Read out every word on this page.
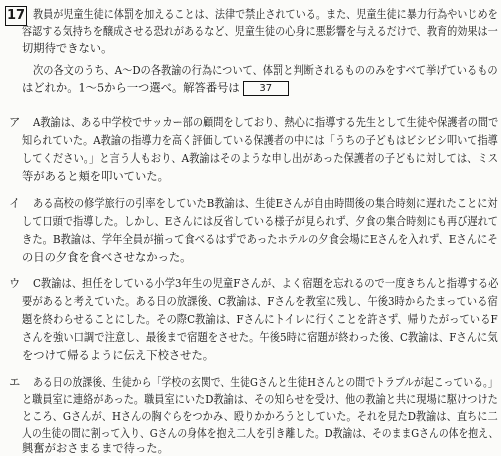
17 教員が児童生徒に体罰を加えることは、法律で禁止されている。また、児童生徒に暴力行為やいじめを
容認する気持ちを醸成させる恐れがあるなど、児童生徒の心身に悪影響を与えるだけで、教育的効果は一
切期待できない。
次の各文のうち、A～Dの各教諭の行為について、体罰と判断されるもののみをすべて挙げているもの
はどれか。1～5から一つ選べ。解答番号は 37
ア A教諭は、ある中学校でサッカー部の顧問をしており、熱心に指導する先生として生徒や保護者の間で
知られていた。A教諭の指導力を高く評価している保護者の中には「うちの子どもはビシビシ叩いて指導
してください。」と言う人もおり、A教諭はそのような申し出があった保護者の子どもに対しては、ミス
等があると頬を叩いていた。
イ ある高校の修学旅行の引率をしていたB教諭は、生徒Eさんが自由時間後の集合時刻に遅れたことに対
して口頭で指導した。しかし、Eさんには反省している様子が見られず、夕食の集合時刻にも再び遅れて
きた。B教諭は、学年全員が揃って食べるはずであったホテルの夕食会場にEさんを入れず、Eさんにそ
の日の夕食を食べさせなかった。
ウ C教諭は、担任をしている小学3年生の児童Fさんが、よく宿題を忘れるので一度きちんと指導する必
要があると考えていた。ある日の放課後、C教諭は、Fさんを教室に残し、午後3時からたまっている宿
題を終わらせることにした。その際C教諭は、Fさんにトイレに行くことを許さず、帰りたがっているF
さんを強い口調で注意し、最後まで宿題をさせた。午後5時に宿題が終わった後、C教諭は、Fさんに気
をつけて帰るように伝え下校させた。
エ ある日の放課後、生徒から「学校の玄関で、生徒Gさんと生徒Hさんとの間でトラブルが起こっている。」
と職員室に連絡があった。職員室にいたD教諭は、その知らせを受け、他の教諭と共に現場に駆けつけた
ところ、Gさんが、Hさんの胸ぐらをつかみ、殴りかかろうとしていた。それを見たD教諭は、直ちに二
人の生徒の間に割って入り、Gさんの身体を抱え二人を引き離した。D教諭は、そのままGさんの体を抱え、
興奮がおさまるまで待った。
